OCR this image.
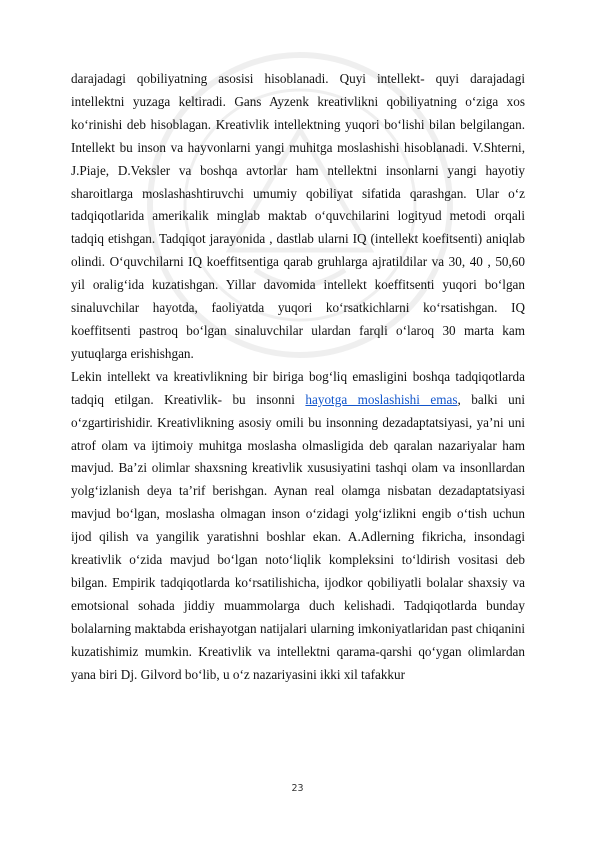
darajadagi qobiliyatning asosisi hisoblanadi. Quyi intellekt- quyi darajadagi intellektni yuzaga keltiradi. Gans Ayzenk kreativlikni qobiliyatning o‘ziga xos ko‘rinishi deb hisoblagan. Kreativlik intellektning yuqori bo‘lishi bilan belgilangan. Intellekt bu inson va hayvonlarni yangi muhitga moslashishi hisoblanadi. V.Shterni, J.Piaje, D.Veksler va boshqa avtorlar ham ntellektni insonlarni yangi hayotiy sharoitlarga moslashashtiruvchi umumiy qobiliyat sifatida qarashgan. Ular o‘z tadqiqotlarida amerikalik minglab maktab o‘quvchilarini logityud metodi orqali tadqiq etishgan. Tadqiqot jarayonida , dastlab ularni IQ (intellekt koefitsenti) aniqlab olindi. O‘quvchilarni IQ koeffitsentiga qarab gruhlarga ajratildilar va 30, 40 , 50,60 yil oralig‘ida kuzatishgan. Yillar davomida intellekt koeffitsenti yuqori bo‘lgan sinaluvchilar hayotda, faoliyatda yuqori ko‘rsatkichlarni ko‘rsatishgan. IQ koeffitsenti pastroq bo‘lgan sinaluvchilar ulardan farqli o‘laroq 30 marta kam yutuqlarga erishishgan.

Lekin intellekt va kreativlikning bir biriga bog‘liq emasligini boshqa tadqiqotlarda tadqiq etilgan. Kreativlik- bu insonni hayotga moslashishi emas, balki uni o‘zgartirishidir. Kreativlikning asosiy omili bu insonning dezadaptatsiyasi, ya’ni uni atrof olam va ijtimoiy muhitga moslasha olmasligida deb qaralan nazariyalar ham mavjud. Ba’zi olimlar shaxsning kreativlik xususiyatini tashqi olam va insonllardan yolg‘izlanish deya ta’rif berishgan. Aynan real olamga nisbatan dezadaptatsiyasi mavjud bo‘lgan, moslasha olmagan inson o‘zidagi yolg‘izlikni engib o‘tish uchun ijod qilish va yangilik yaratishni boshlar ekan. A.Adlerning fikricha, insondagi kreativlik o‘zida mavjud bo‘lgan noto‘liqlik kompleksini to‘ldirish vositasi deb bilgan. Empirik tadqiqotlarda ko‘rsatilishicha, ijodkor qobiliyatli bolalar shaxsiy va emotsional sohada jiddiy muammolarga duch kelishadi. Tadqiqotlarda bunday bolalarning maktabda erishayotgan natijalari ularning imkoniyatlaridan past chiqanini kuzatishimiz mumkin. Kreativlik va intellektni qarama-qarshi qo‘ygan olimlardan yana biri Dj. Gilvord bo‘lib, u o‘z nazariyasini ikki xil tafakkur

23
